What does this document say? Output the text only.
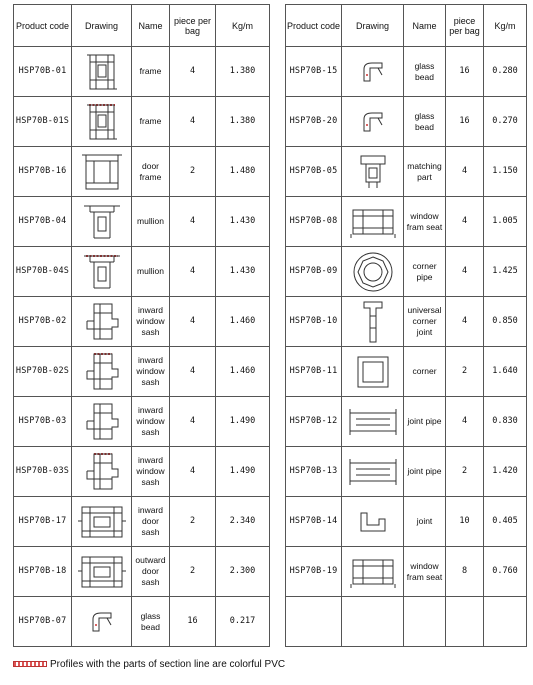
Product code	Drawing	Name	piece per bag	Kg/m
HSP70B-01		frame	4	1.380
HSP70B-01S		frame	4	1.380
HSP70B-16		door frame	2	1.480
HSP70B-04		mullion	4	1.430
HSP70B-04S		mullion	4	1.430
HSP70B-02		inward window sash	4	1.460
HSP70B-02S		inward window sash	4	1.460
HSP70B-03		inward window sash	4	1.490
HSP70B-03S		inward window sash	4	1.490
HSP70B-17		inward door sash	2	2.340
HSP70B-18		outward door sash	2	2.300
HSP70B-07		glass bead	16	0.217
Product code	Drawing	Name	piece per bag	Kg/m
HSP70B-15		glass bead	16	0.280
HSP70B-20		glass bead	16	0.270
HSP70B-05		matching part	4	1.150
HSP70B-08		window fram seat	4	1.005
HSP70B-09		corner pipe	4	1.425
HSP70B-10		universal corner joint	4	0.850
HSP70B-11		corner	2	1.640
HSP70B-12		joint pipe	4	0.830
HSP70B-13		joint pipe	2	1.420
HSP70B-14		joint	10	0.405
HSP70B-19		window fram seat	8	0.760

Profiles with the parts of section line are colorful PVC
